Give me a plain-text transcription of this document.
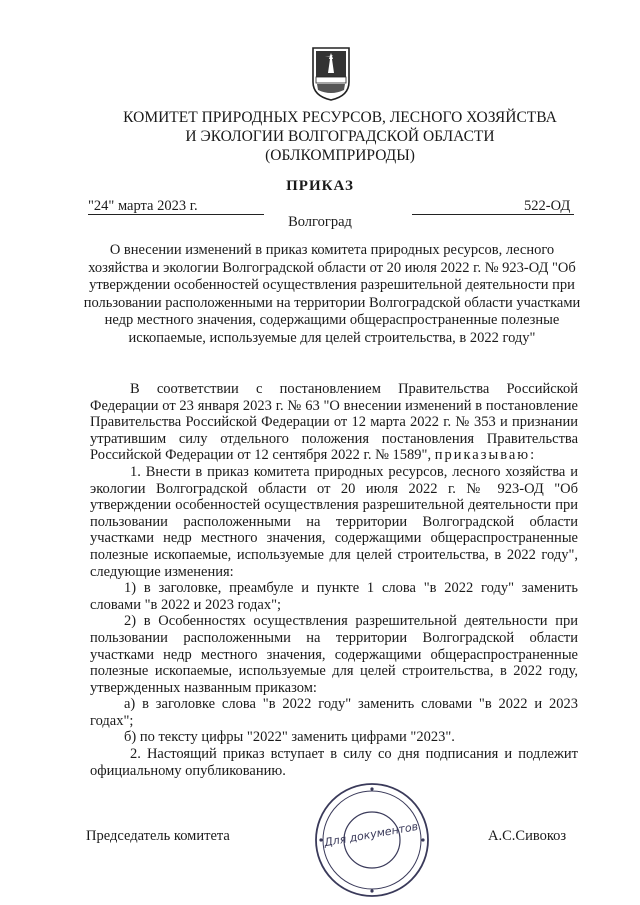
КОМИТЕТ ПРИРОДНЫХ РЕСУРСОВ, ЛЕСНОГО ХОЗЯЙСТВА
И ЭКОЛОГИИ ВОЛГОГРАДСКОЙ ОБЛАСТИ
(ОБЛКОМПРИРОДЫ)
ПРИКАЗ
"24" марта 2023 г.	522-ОД
Волгоград
О внесении изменений в приказ комитета природных ресурсов, лесного хозяйства и экологии Волгоградской области от 20 июля 2022 г. № 923-ОД "Об утверждении особенностей осуществления разрешительной деятельности при пользовании расположенными на территории Волгоградской области участками недр местного значения, содержащими общераспространенные полезные ископаемые, используемые для целей строительства, в 2022 году"

В соответствии с постановлением Правительства Российской Федерации от 23 января 2023 г. № 63 "О внесении изменений в постановление Правительства Российской Федерации от 12 марта 2022 г. № 353 и признании утратившим силу отдельного положения постановления Правительства Российской Федерации от 12 сентября 2022 г. № 1589", приказываю:

1. Внести в приказ комитета природных ресурсов, лесного хозяйства и экологии Волгоградской области от 20 июля 2022 г. № 923-ОД "Об утверждении особенностей осуществления разрешительной деятельности при пользовании расположенными на территории Волгоградской области участками недр местного значения, содержащими общераспространенные полезные ископаемые, используемые для целей строительства, в 2022 году", следующие изменения:

1) в заголовке, преамбуле и пункте 1 слова "в 2022 году" заменить словами "в 2022 и 2023 годах";

2) в Особенностях осуществления разрешительной деятельности при пользовании расположенными на территории Волгоградской области участками недр местного значения, содержащими общераспространенные полезные ископаемые, используемые для целей строительства, в 2022 году, утвержденных названным приказом:

а) в заголовке слова "в 2022 году" заменить словами "в 2022 и 2023 годах";

б) по тексту цифры "2022" заменить цифрами "2023".

2. Настоящий приказ вступает в силу со дня подписания и подлежит официальному опубликованию.

Председатель комитета	Для документов	А.С.Сивокоз
